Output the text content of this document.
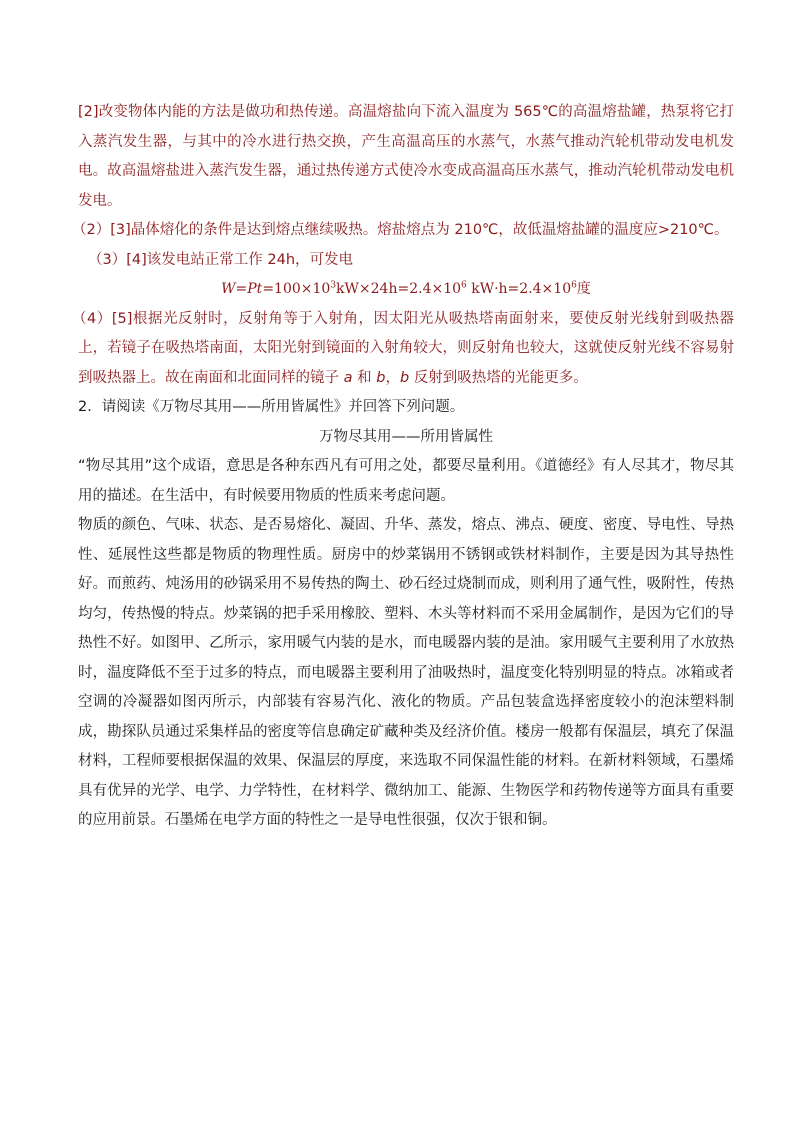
[2]改变物体内能的方法是做功和热传递。高温熔盐向下流入温度为 565℃的高温熔盐罐，热泵将它打入蒸汽发生器，与其中的冷水进行热交换，产生高温高压的水蒸气，水蒸气推动汽轮机带动发电机发电。故高温熔盐进入蒸汽发生器，通过热传递方式使冷水变成高温高压水蒸气，推动汽轮机带动发电机发电。

（2）[3]晶体熔化的条件是达到熔点继续吸热。熔盐熔点为 210℃，故低温熔盐罐的温度应>210℃。

（3）[4]该发电站正常工作 24h，可发电

$W=Pt=100\times 10^3kW\times 24h=2.4\times 10^6$ $kW\cdot h=2.4\times 10^6$度

（4）[5]根据光反射时，反射角等于入射角，因太阳光从吸热塔南面射来，要使反射光线射到吸热器上，若镜子在吸热塔南面，太阳光射到镜面的入射角较大，则反射角也较大，这就使反射光线不容易射到吸热器上。故在南面和北面同样的镜子 a 和 b，b 反射到吸热塔的光能更多。

2．请阅读《万物尽其用——所用皆属性》并回答下列问题。

万物尽其用——所用皆属性

“物尽其用”这个成语，意思是各种东西凡有可用之处，都要尽量利用。《道德经》有人尽其才，物尽其用的描述。在生活中，有时候要用物质的性质来考虑问题。

物质的颜色、气味、状态、是否易熔化、凝固、升华、蒸发，熔点、沸点、硬度、密度、导电性、导热性、延展性这些都是物质的物理性质。厨房中的炒菜锅用不锈钢或铁材料制作，主要是因为其导热性好。而煎药、炖汤用的砂锅采用不易传热的陶土、砂石经过烧制而成，则利用了通气性，吸附性，传热均匀，传热慢的特点。炒菜锅的把手采用橡胶、塑料、木头等材料而不采用金属制作，是因为它们的导热性不好。如图甲、乙所示，家用暖气内装的是水，而电暖器内装的是油。家用暖气主要利用了水放热时，温度降低不至于过多的特点，而电暖器主要利用了油吸热时，温度变化特别明显的特点。冰箱或者空调的冷凝器如图丙所示，内部装有容易汽化、液化的物质。产品包装盒选择密度较小的泡沫塑料制成，勘探队员通过采集样品的密度等信息确定矿藏种类及经济价值。楼房一般都有保温层，填充了保温材料，工程师要根据保温的效果、保温层的厚度，来选取不同保温性能的材料。在新材料领域，石墨烯具有优异的光学、电学、力学特性，在材料学、微纳加工、能源、生物医学和药物传递等方面具有重要的应用前景。石墨烯在电学方面的特性之一是导电性很强，仅次于银和铜。
